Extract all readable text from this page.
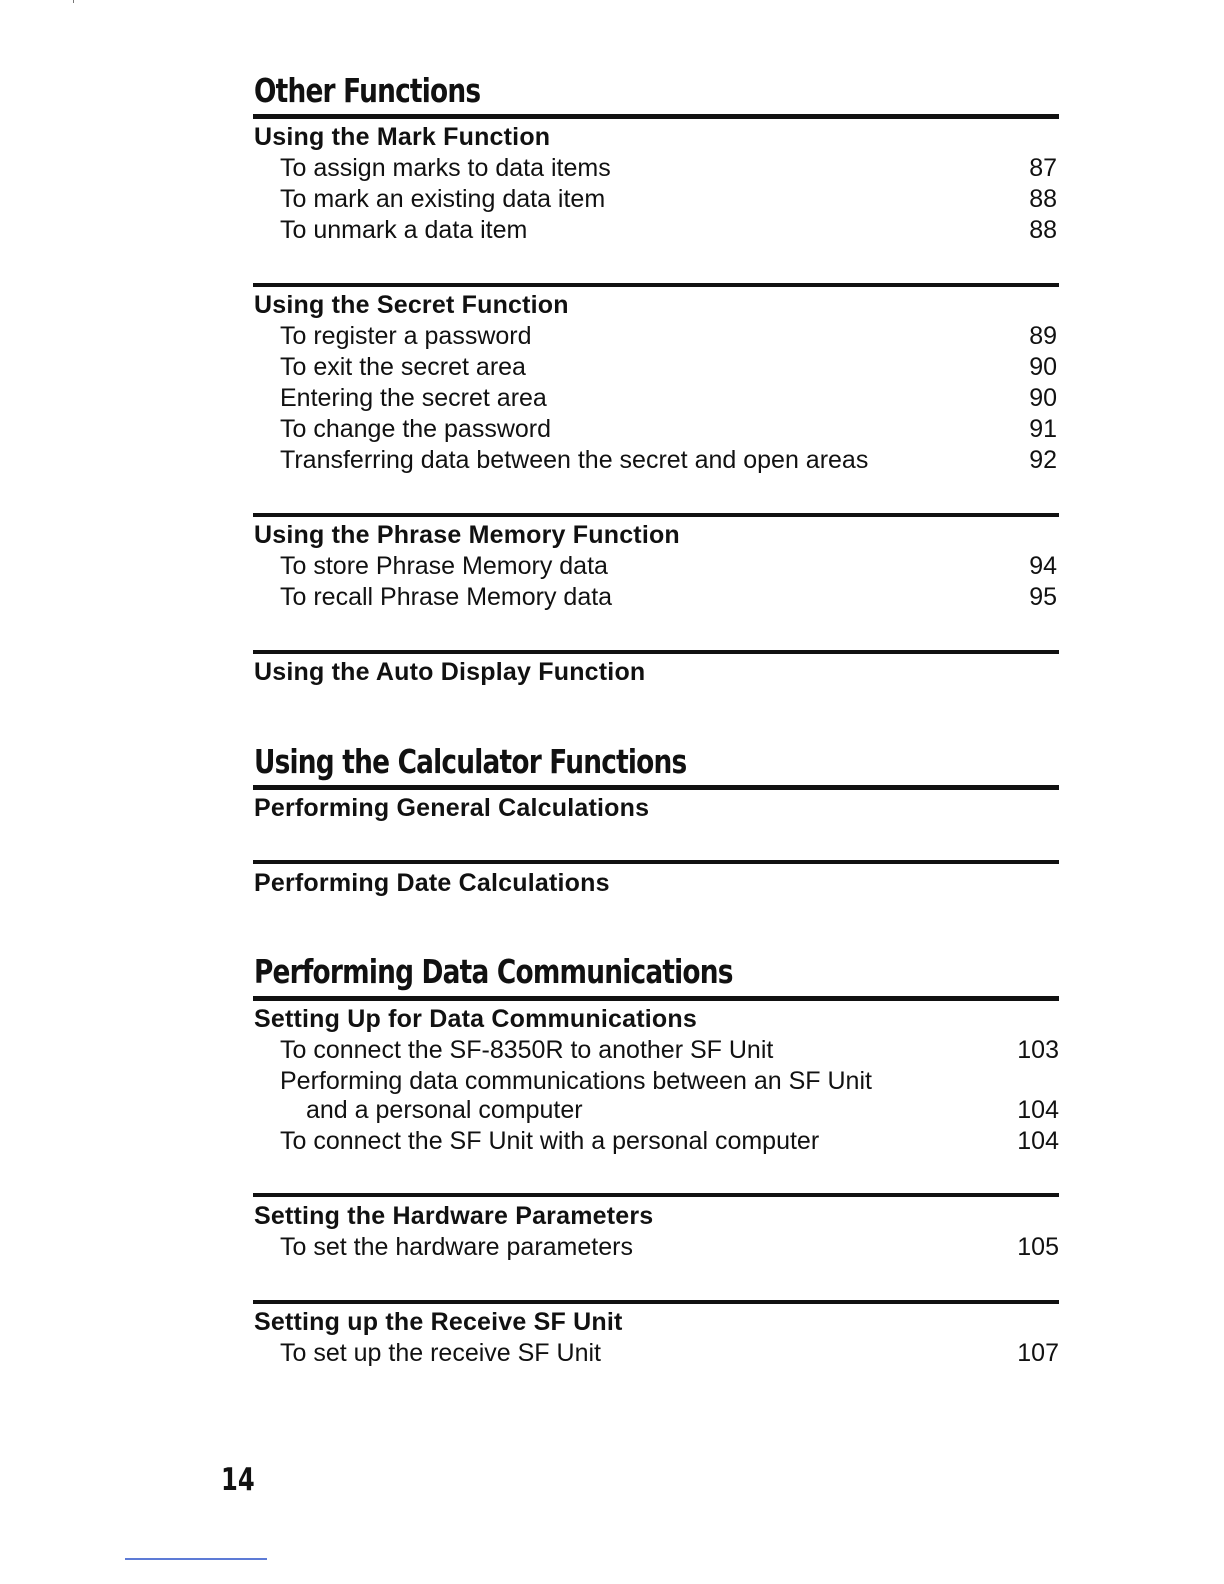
Other Functions
Using the Mark Function
To assign marks to data items	87
To mark an existing data item	88
To unmark a data item	88
Using the Secret Function
To register a password	89
To exit the secret area	90
Entering the secret area	90
To change the password	91
Transferring data between the secret and open areas	92
Using the Phrase Memory Function
To store Phrase Memory data	94
To recall Phrase Memory data	95
Using the Auto Display Function
Using the Calculator Functions
Performing General Calculations
Performing Date Calculations
Performing Data Communications
Setting Up for Data Communications
To connect the SF-8350R to another SF Unit	103
Performing data communications between an SF Unit
and a personal computer	104
To connect the SF Unit with a personal computer	104
Setting the Hardware Parameters
To set the hardware parameters	105
Setting up the Receive SF Unit
To set up the receive SF Unit	107
14
